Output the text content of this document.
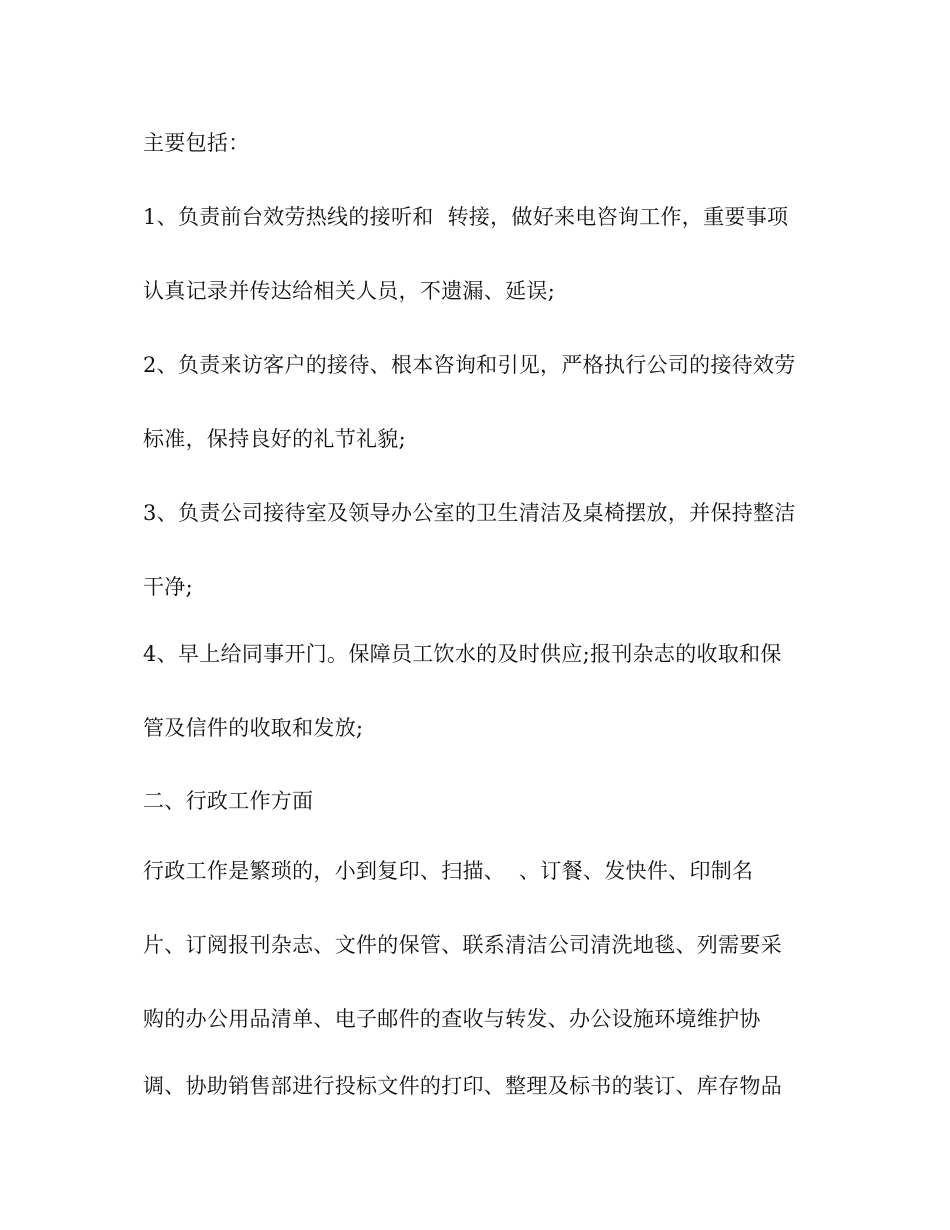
主要包括：
1、负责前台效劳热线的接听和  转接，做好来电咨询工作，重要事项
认真记录并传达给相关人员，不遗漏、延误;
2、负责来访客户的接待、根本咨询和引见，严格执行公司的接待效劳
标准，保持良好的礼节礼貌;
3、负责公司接待室及领导办公室的卫生清洁及桌椅摆放，并保持整洁
干净;
4、早上给同事开门。保障员工饮水的及时供应;报刊杂志的收取和保
管及信件的收取和发放;
二、行政工作方面
行政工作是繁琐的，小到复印、扫描、  、订餐、发快件、印制名
片、订阅报刊杂志、文件的保管、联系清洁公司清洗地毯、列需要采
购的办公用品清单、电子邮件的查收与转发、办公设施环境维护协
调、协助销售部进行投标文件的打印、整理及标书的装订、库存物品
